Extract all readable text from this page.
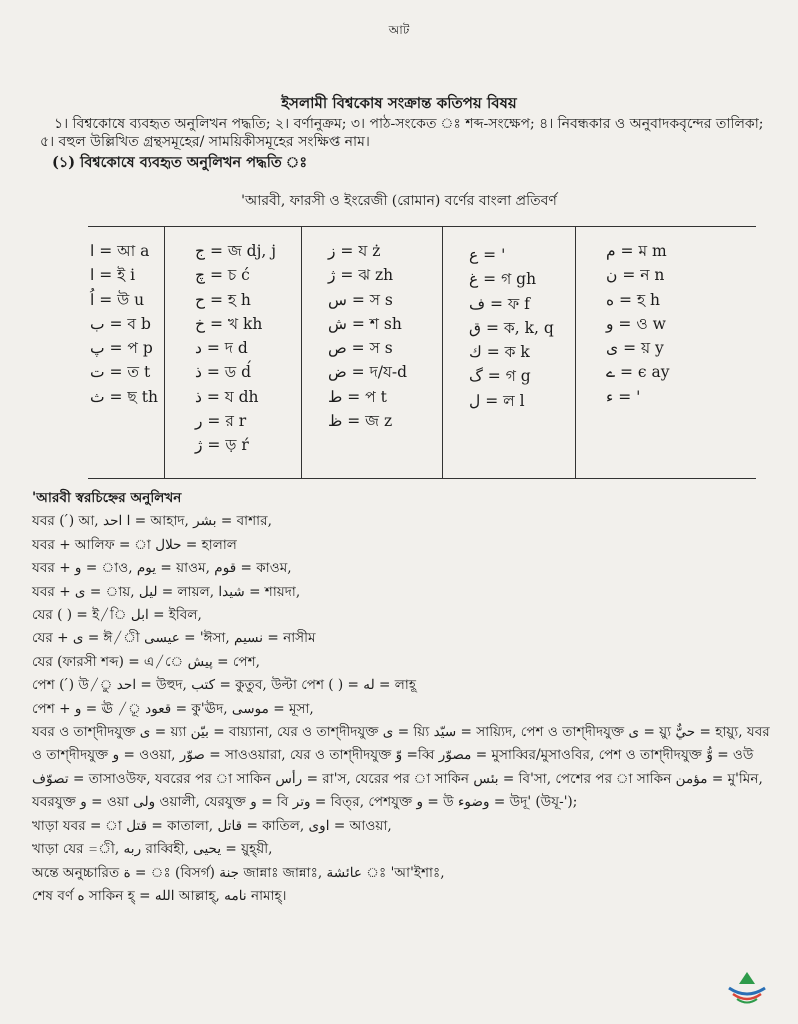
আট
ইসলামী বিশ্বকোষ সংক্রান্ত কতিপয় বিষয়
১। বিশ্বকোষে ব্যবহৃত অনুলিখন পদ্ধতি; ২। বর্ণানুক্রম; ৩। পাঠ-সংকেত ঃ শব্দ-সংক্ষেপ; ৪। নিবন্ধকার ও অনুবাদকবৃন্দের তালিকা; ৫। বহুল উল্লিখিত গ্রন্থসমূহের/ সাময়িকীসমূহের সংক্ষিপ্ত নাম।
(১) বিশ্বকোষে ব্যবহৃত অনুলিখন পদ্ধতি ঃ
'আরবী, ফারসী ও ইংরেজী (রোমান) বর্ণের বাংলা প্রতিবর্ণ
ا = আ a
ا = ই i
اُ = উ u
ب = ব b
پ = প p
ت = ত t
ث = ছ th
ج = জ dj, j
چ = চ ć
ح = হ h
خ = খ kh
د = দ d
ذ = ড d́
ذ = য dh
ر = র r
ژ = ড় ŕ
ز = য ż
ژ = ঝ zh
س = স s
ش = শ sh
ص = স s
ض = দ/য-d
ط = প t
ظ = জ z
ع = '
غ = গ gh
ف = ফ f
ق = ক, k, q
ك = ক k
گ = গ g
ل = ল l
م = ম m
ن = ন n
ه = হ h
و = ও w
ى = য় y
ے = ϵ ay
ء = '
'আরবী স্বরচিহ্নের অনুলিখন
যবর ( ́) আ, ا احد = আহাদ, بشر = বাশার,
যবর + আলিফ = া حلال = হালাল
যবর + و = াও, يوم = য়াওম, قوم = কাওম,
যবর + ى = ায়, ليل = লায়ল, شيدا = শায়দা,
যের ( ) = ই/ি ابل = ইবিল,
যের + ى = ঈ/ী عيسى = 'ঈসা, نسيم = নাসীম
যের (ফারসী শব্দ) = এ/ে پيش = পেশ,
পেশ ( ́) উ/ু احد = উহুদ, كتب = কুতুব, উল্টা পেশ ( ) = له = লাহূ
পেশ + و = ঊ /ূ قعود = কু'ঊদ, موسى = মূসা,
যবর ও তাশ্দীদযুক্ত ى = য়্যা بيّن = বায়্যানা, যের ও তাশ্দীদযুক্ত ى = য়্যি سيّد = সায়্যিদ, পেশ ও তাশ্দীদযুক্ত ى = য়্যু حيٌّ = হায়্যু, যবর ও তাশ্দীদযুক্ত و = ওওয়া, صوّر = সাওওয়ারা, যের ও তাশ্দীদযুক্ত وّ =ব্বি مصوّر = মুসাব্বির/মুসাওবির, পেশ ও তাশ্দীদযুক্ত وُّ = ওউ تصوّف = তাসাওউফ, যবরের পর া সাকিন رأس = রা'স, যেরের পর া সাকিন بئس = বি'সা, পেশের পর া সাকিন مؤمن = মু'মিন, যবরযুক্ত و = ওয়া ولى ওয়ালী, যেরযুক্ত و = বি وتر = বিত্‌র, পেশযুক্ত و = উ وضوء = উদূ' (উযূ-');
খাড়া যবর = া قتل = কাতালা, قاتل = কাতিল, اوى = আওয়া,
খাড়া যের =ী, ربه রাব্বিহী, يحيى = য়ুহ্য়ী,
অন্তে অনুচ্চারিত ة = ঃ (বিসর্গ) جنة জান্নাঃ জান্নাঃ, عائشة ঃ 'আ'ইশাঃ,
শেষ বর্ণ ه সাকিন হ্ = الله আল্লাহ্, نامه নামাহ্।
